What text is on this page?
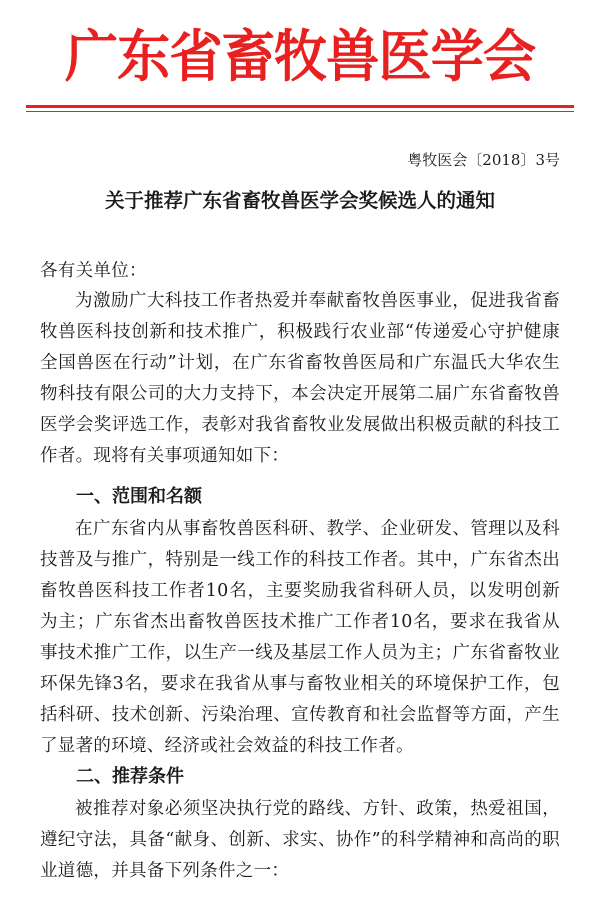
广东省畜牧兽医学会
粤牧医会〔2018〕3号
关于推荐广东省畜牧兽医学会奖候选人的通知
各有关单位：
为激励广大科技工作者热爱并奉献畜牧兽医事业，促进我省畜牧兽医科技创新和技术推广，积极践行农业部“传递爱心守护健康全国兽医在行动”计划，在广东省畜牧兽医局和广东温氏大华农生物科技有限公司的大力支持下，本会决定开展第二届广东省畜牧兽医学会奖评选工作，表彰对我省畜牧业发展做出积极贡献的科技工作者。现将有关事项通知如下：
一、范围和名额
在广东省内从事畜牧兽医科研、教学、企业研发、管理以及科技普及与推广，特别是一线工作的科技工作者。其中，广东省杰出畜牧兽医科技工作者10名，主要奖励我省科研人员，以发明创新为主；广东省杰出畜牧兽医技术推广工作者10名，要求在我省从事技术推广工作，以生产一线及基层工作人员为主；广东省畜牧业环保先锋3名，要求在我省从事与畜牧业相关的环境保护工作，包括科研、技术创新、污染治理、宣传教育和社会监督等方面，产生了显著的环境、经济或社会效益的科技工作者。
二、推荐条件
被推荐对象必须坚决执行党的路线、方针、政策，热爱祖国，遵纪守法，具备“献身、创新、求实、协作”的科学精神和高尚的职业道德，并具备下列条件之一：
